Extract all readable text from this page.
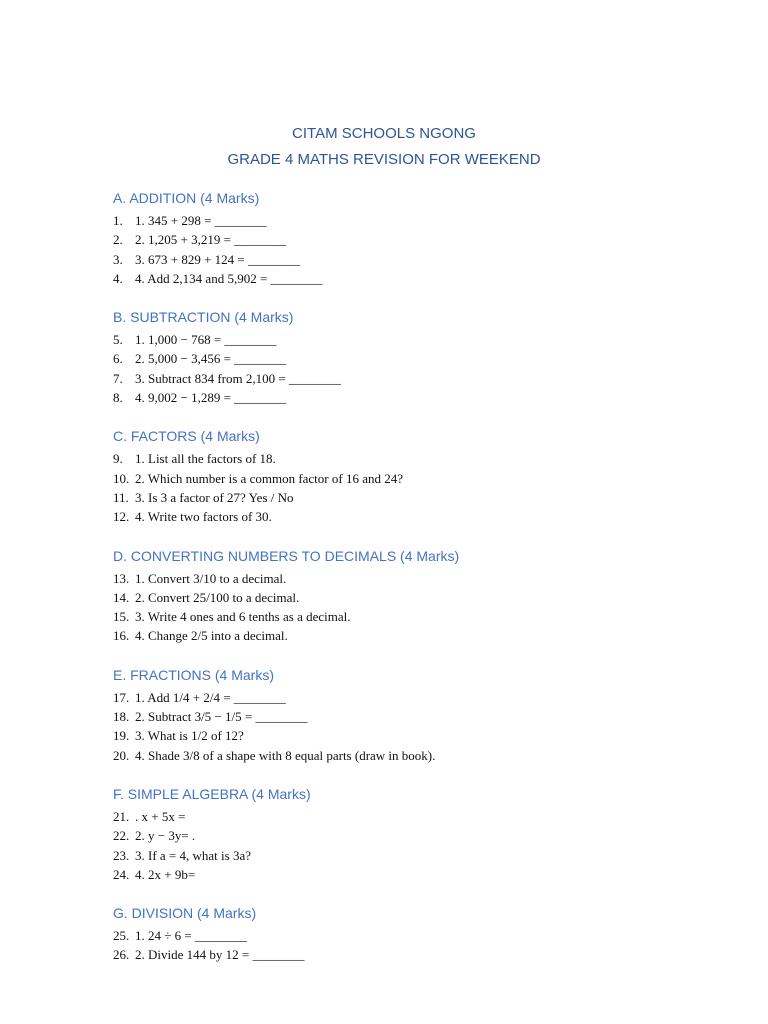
CITAM SCHOOLS NGONG
GRADE 4 MATHS REVISION FOR WEEKEND
A. ADDITION (4 Marks)
1. 1. 345 + 298 = ________
2. 2. 1,205 + 3,219 = ________
3. 3. 673 + 829 + 124 = ________
4. 4. Add 2,134 and 5,902 = ________
B. SUBTRACTION (4 Marks)
5. 1. 1,000 − 768 = ________
6. 2. 5,000 − 3,456 = ________
7. 3. Subtract 834 from 2,100 = ________
8. 4. 9,002 − 1,289 = ________
C. FACTORS (4 Marks)
9. 1. List all the factors of 18.
10. 2. Which number is a common factor of 16 and 24?
11. 3. Is 3 a factor of 27? Yes / No
12. 4. Write two factors of 30.
D. CONVERTING NUMBERS TO DECIMALS (4 Marks)
13. 1. Convert 3/10 to a decimal.
14. 2. Convert 25/100 to a decimal.
15. 3. Write 4 ones and 6 tenths as a decimal.
16. 4. Change 2/5 into a decimal.
E. FRACTIONS (4 Marks)
17. 1. Add 1/4 + 2/4 = ________
18. 2. Subtract 3/5 − 1/5 = ________
19. 3. What is 1/2 of 12?
20. 4. Shade 3/8 of a shape with 8 equal parts (draw in book).
F. SIMPLE ALGEBRA (4 Marks)
21. . x + 5x =
22. 2. y − 3y= .
23. 3. If a = 4, what is 3a?
24. 4. 2x + 9b=
G. DIVISION (4 Marks)
25. 1. 24 ÷ 6 = ________
26. 2. Divide 144 by 12 = ________
